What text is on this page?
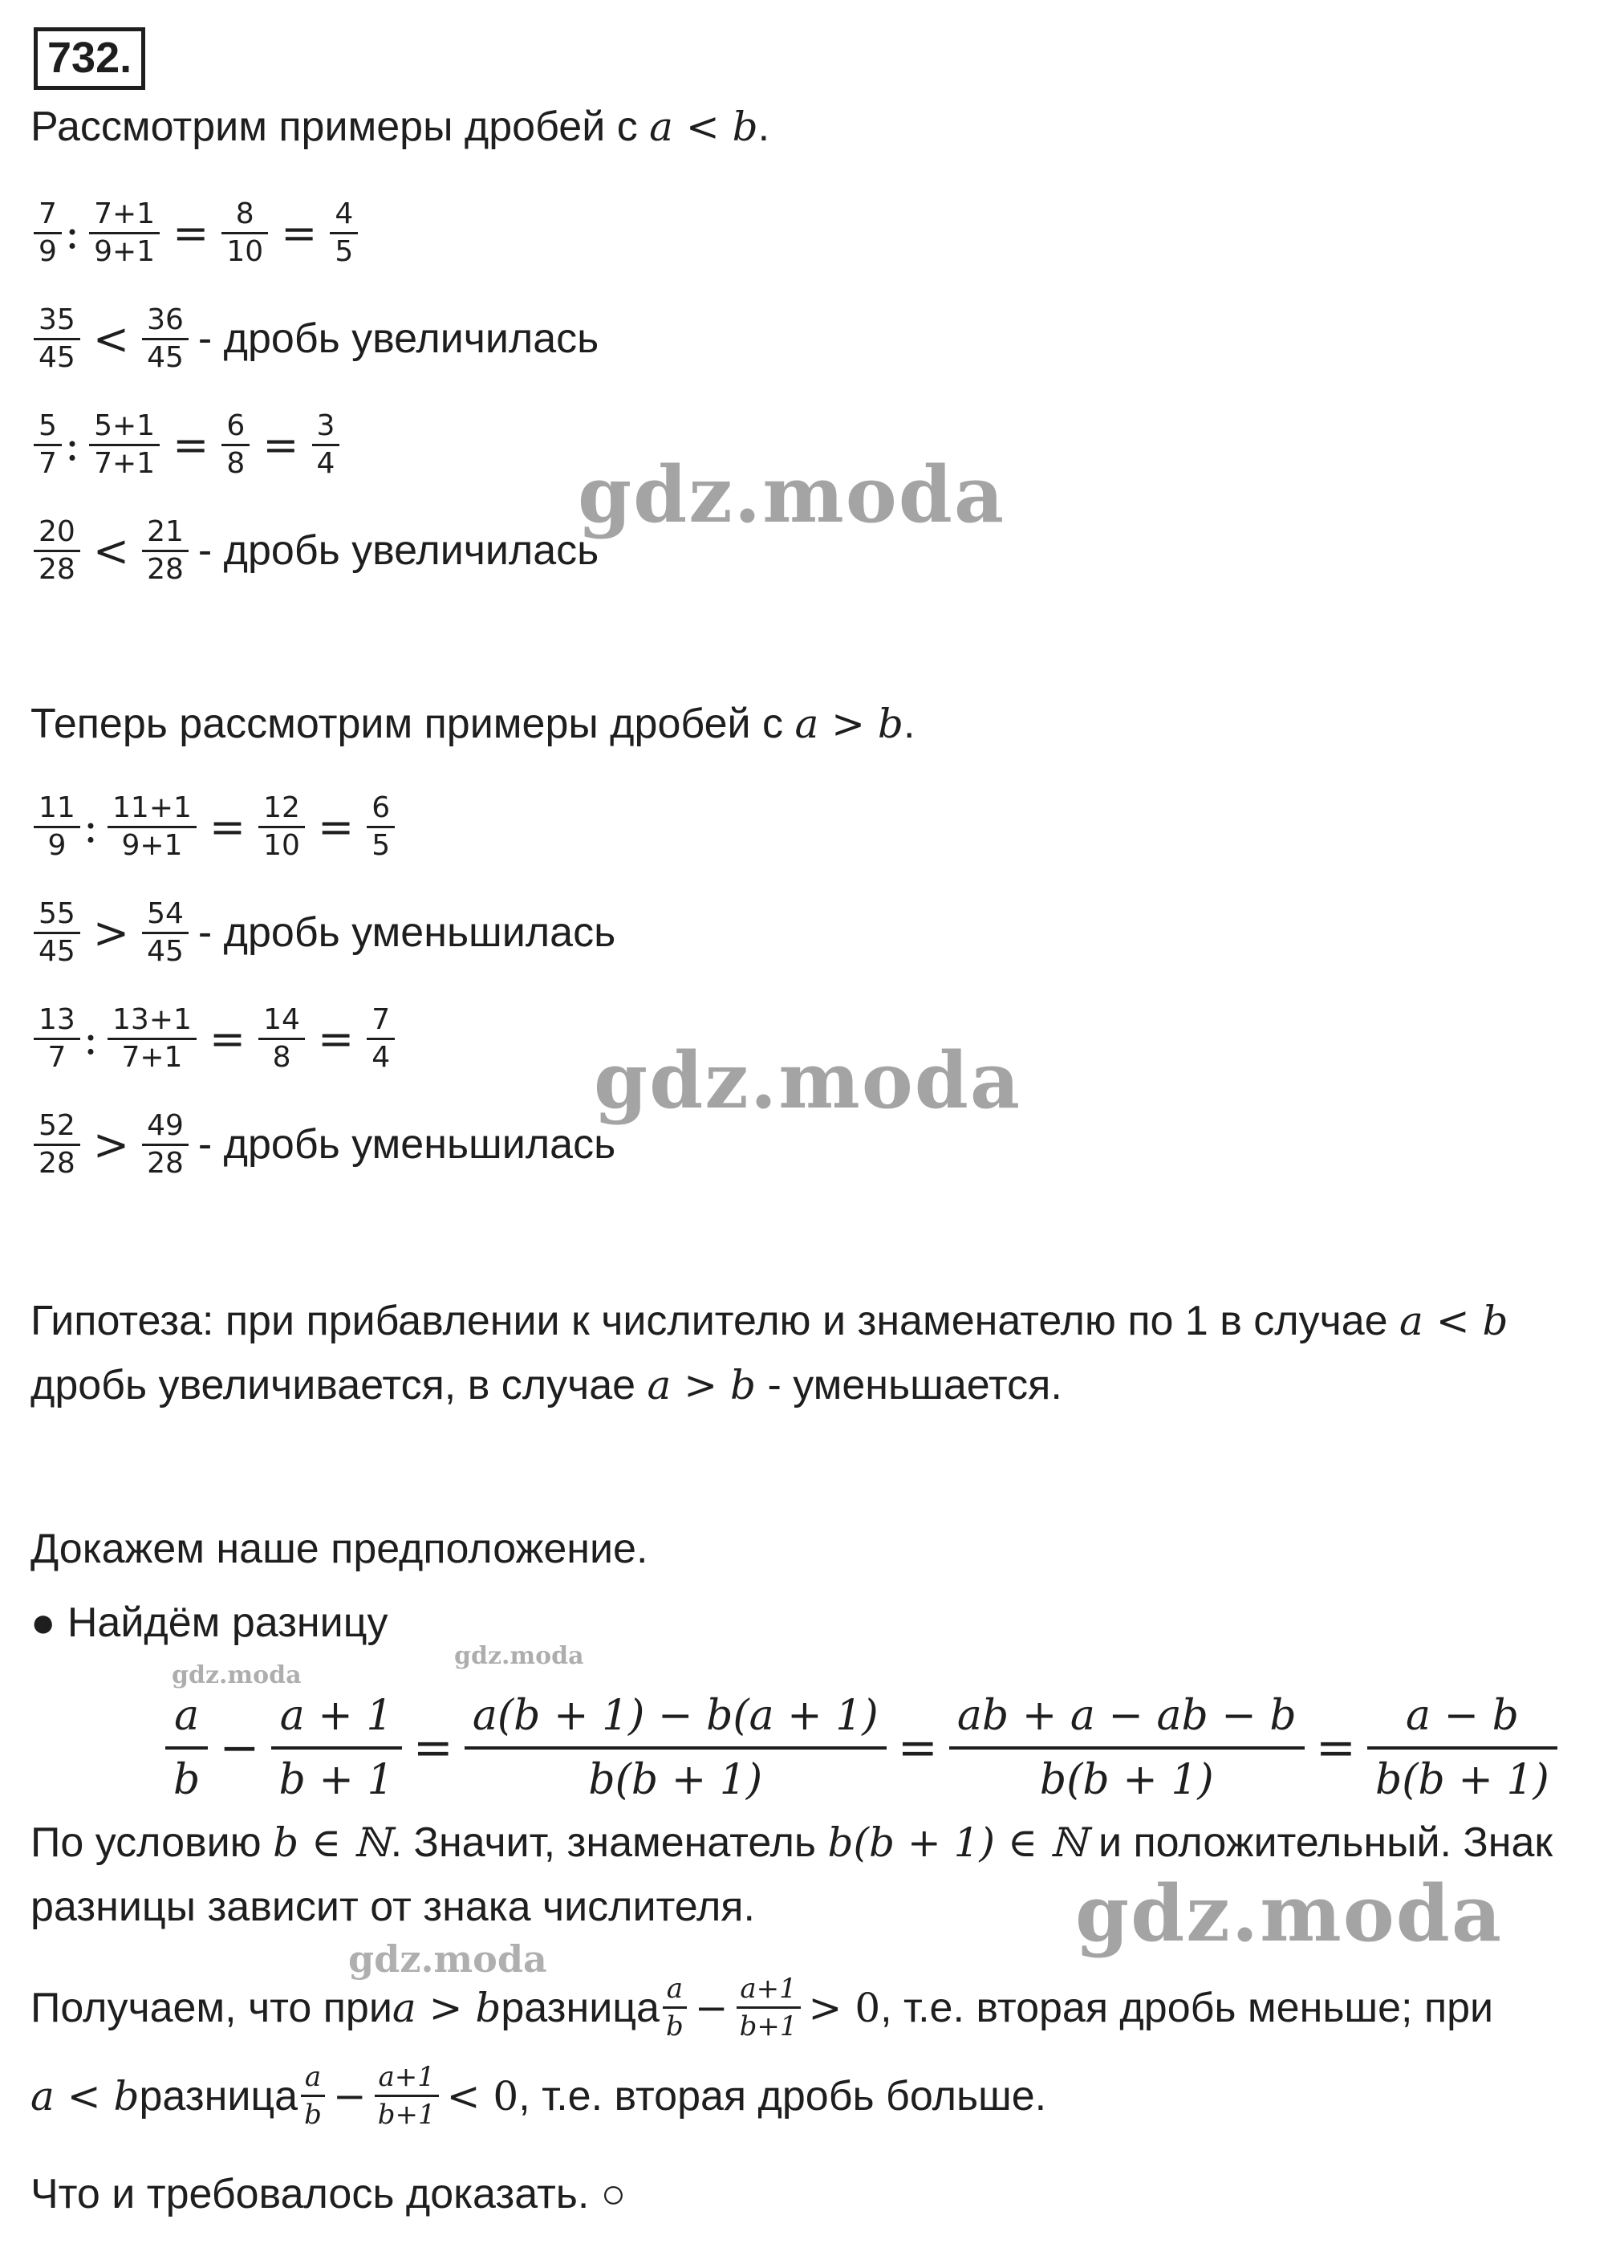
732.
Рассмотрим примеры дробей с a < b.
7
9 : 7+1
9+1 = 8
10 = 4
5
35
45 < 36
45 - дробь увеличилась
5
7 : 5+1
7+1 = 6
8 = 3
4
20
28 < 21
28 - дробь увеличилась
Теперь рассмотрим примеры дробей с a > b.
11
9 : 11+1
9+1 = 12
10 = 6
5
55
45 > 54
45 - дробь уменьшилась
13
7 : 13+1
7+1 = 14
8 = 7
4
52
28 > 49
28 - дробь уменьшилась
Гипотеза: при прибавлении к числителю и знаменателю по 1 в случае a < b
дробь увеличивается, в случае a > b - уменьшается.
Докажем наше предположение.
● Найдём разницу
a
b
−
a + 1
b + 1
=
a(b + 1) − b(a + 1)
b(b + 1)
=
ab + a − ab − b
b(b + 1)
=
a − b
b(b + 1)
По условию b ∈ ℕ. Значит, знаменатель b(b + 1) ∈ ℕ и положительный. Знак
разницы зависит от знака числителя.
Получаем, что при a > b разница a
b − a+1
b+1 > 0 , т.е. вторая дробь меньше; при
a < b разница a
b − a+1
b+1 < 0 , т.е. вторая дробь больше.
Что и требовалось доказать. ○
gdz.moda
gdz.moda
gdz.moda
gdz.moda
gdz.moda
gdz.moda
